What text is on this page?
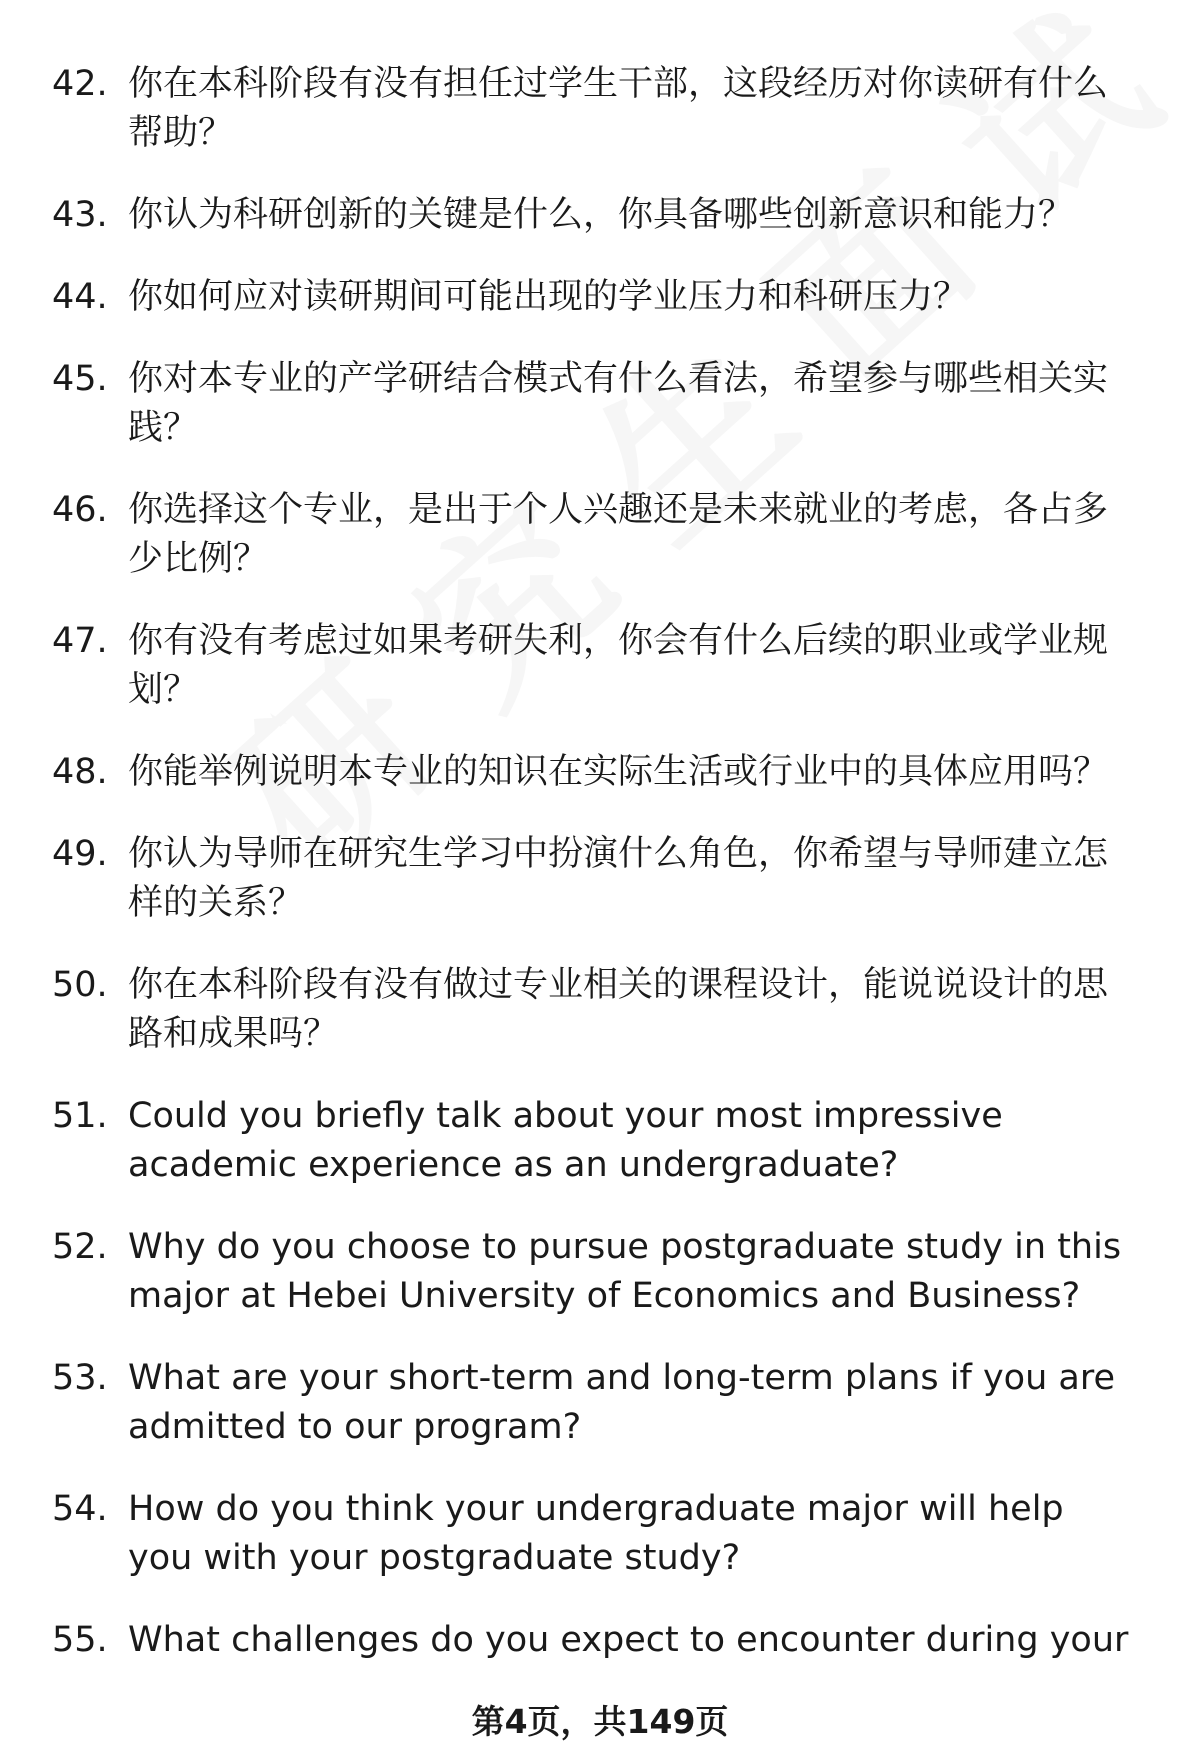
42. 你在本科阶段有没有担任过学生干部，这段经历对你读研有什么帮助？
43. 你认为科研创新的关键是什么，你具备哪些创新意识和能力？
44. 你如何应对读研期间可能出现的学业压力和科研压力？
45. 你对本专业的产学研结合模式有什么看法，希望参与哪些相关实践？
46. 你选择这个专业，是出于个人兴趣还是未来就业的考虑，各占多少比例？
47. 你有没有考虑过如果考研失利，你会有什么后续的职业或学业规划？
48. 你能举例说明本专业的知识在实际生活或行业中的具体应用吗？
49. 你认为导师在研究生学习中扮演什么角色，你希望与导师建立怎样的关系？
50. 你在本科阶段有没有做过专业相关的课程设计，能说说设计的思路和成果吗？
51. Could you briefly talk about your most impressive academic experience as an undergraduate?
52. Why do you choose to pursue postgraduate study in this major at Hebei University of Economics and Business?
53. What are your short-term and long-term plans if you are admitted to our program?
54. How do you think your undergraduate major will help you with your postgraduate study?
55. What challenges do you expect to encounter during your
第4页，共149页
